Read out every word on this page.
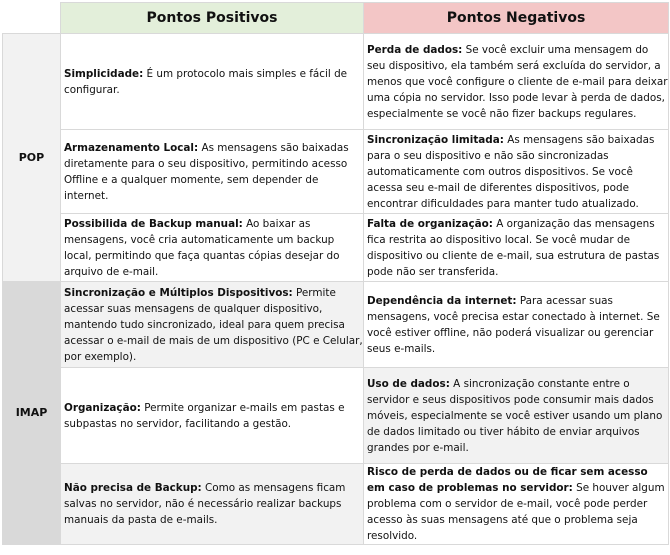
	Pontos Positivos	Pontos Negativos
POP	Simplicidade: É um protocolo mais simples e fácil de configurar.	Perda de dados: Se você excluir uma mensagem do seu dispositivo, ela também será excluída do servidor, a menos que você configure o cliente de e-mail para deixar uma cópia no servidor. Isso pode levar à perda de dados, especialmente se você não fizer backups regulares.
	Armazenamento Local: As mensagens são baixadas diretamente para o seu dispositivo, permitindo acesso Offline e a qualquer momente, sem depender de internet.	Sincronização limitada: As mensagens são baixadas para o seu dispositivo e não são sincronizadas automaticamente com outros dispositivos. Se você acessa seu e-mail de diferentes dispositivos, pode encontrar dificuldades para manter tudo atualizado.
	Possibilida de Backup manual: Ao baixar as mensagens, você cria automaticamente um backup local, permitindo que faça quantas cópias desejar do arquivo de e-mail.	Falta de organização: A organização das mensagens fica restrita ao dispositivo local. Se você mudar de dispositivo ou cliente de e-mail, sua estrutura de pastas pode não ser transferida.
IMAP	Sincronização e Múltiplos Dispositivos: Permite acessar suas mensagens de qualquer dispositivo, mantendo tudo sincronizado, ideal para quem precisa acessar o e-mail de mais de um dispositivo (PC e Celular, por exemplo).	Dependência da internet: Para acessar suas mensagens, você precisa estar conectado à internet. Se você estiver offline, não poderá visualizar ou gerenciar seus e-mails.
	Organização: Permite organizar e-mails em pastas e subpastas no servidor, facilitando a gestão.	Uso de dados: A sincronização constante entre o servidor e seus dispositivos pode consumir mais dados móveis, especialmente se você estiver usando um plano de dados limitado ou tiver hábito de enviar arquivos grandes por e-mail.
	Não precisa de Backup: Como as mensagens ficam salvas no servidor, não é necessário realizar backups manuais da pasta de e-mails.	Risco de perda de dados ou de ficar sem acesso em caso de problemas no servidor: Se houver algum problema com o servidor de e-mail, você pode perder acesso às suas mensagens até que o problema seja resolvido.
